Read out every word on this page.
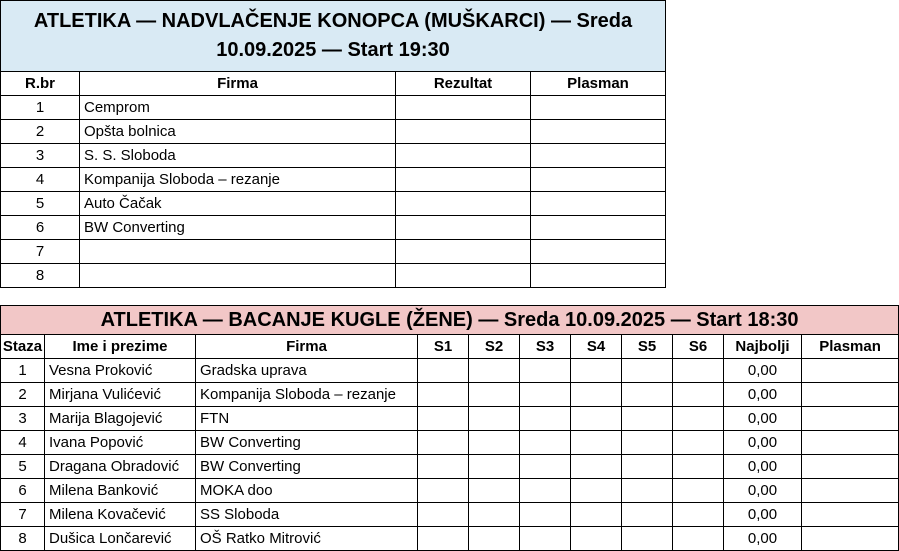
ATLETIKA — NADVLAČENJE KONOPCA (MUŠKARCI) — Sreda
10.09.2025 — Start 19:30			
R.br	Firma	Rezultat	Plasman
1	Cemprom		
2	Opšta bolnica		
3	S. S. Sloboda		
4	Kompanija Sloboda – rezanje		
5	Auto Čačak		
6	BW Converting		
7			
8			
ATLETIKA — BACANJE KUGLE (ŽENE) — Sreda 10.09.2025 — Start 18:30										
Staza	Ime i prezime	Firma	S1	S2	S3	S4	S5	S6	Najbolji	Plasman
1	Vesna Proković	Gradska uprava							0,00	
2	Mirjana Vulićević	Kompanija Sloboda – rezanje							0,00	
3	Marija Blagojević	FTN							0,00	
4	Ivana Popović	BW Converting							0,00	
5	Dragana Obradović	BW Converting							0,00	
6	Milena Banković	MOKA doo							0,00	
7	Milena Kovačević	SS Sloboda							0,00	
8	Dušica Lončarević	OŠ Ratko Mitrović							0,00	
